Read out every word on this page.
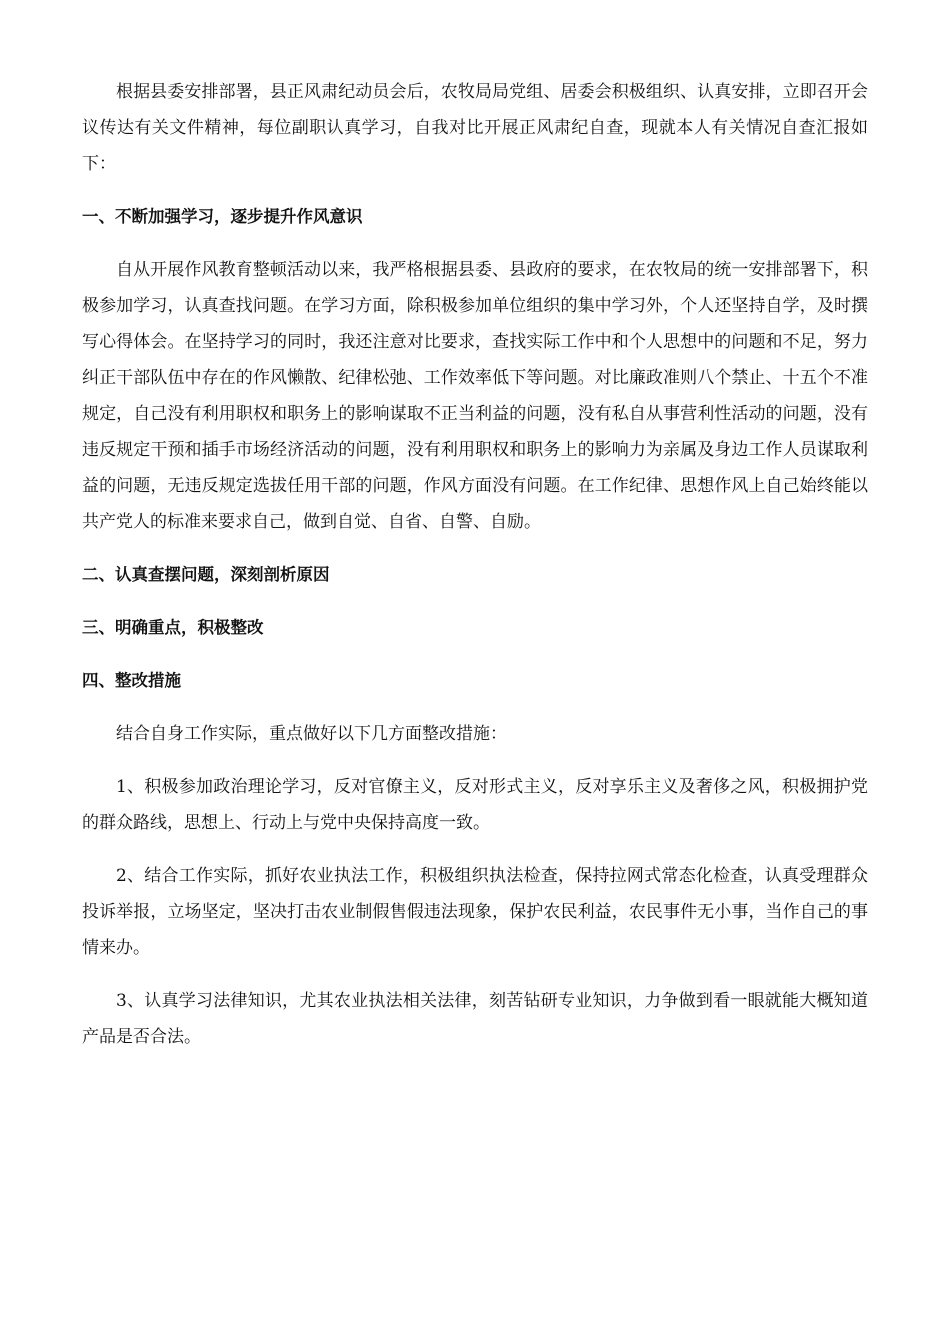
根据县委安排部署，县正风肃纪动员会后，农牧局局党组、居委会积极组织、认真安排，立即召开会议传达有关文件精神，每位副职认真学习，自我对比开展正风肃纪自查，现就本人有关情况自查汇报如下：

一、不断加强学习，逐步提升作风意识

自从开展作风教育整顿活动以来，我严格根据县委、县政府的要求，在农牧局的统一安排部署下，积极参加学习，认真查找问题。在学习方面，除积极参加单位组织的集中学习外，个人还坚持自学，及时撰写心得体会。在坚持学习的同时，我还注意对比要求，查找实际工作中和个人思想中的问题和不足，努力纠正干部队伍中存在的作风懒散、纪律松弛、工作效率低下等问题。对比廉政准则八个禁止、十五个不准规定，自己没有利用职权和职务上的影响谋取不正当利益的问题，没有私自从事营利性活动的问题，没有违反规定干预和插手市场经济活动的问题，没有利用职权和职务上的影响力为亲属及身边工作人员谋取利益的问题，无违反规定选拔任用干部的问题，作风方面没有问题。在工作纪律、思想作风上自己始终能以共产党人的标准来要求自己，做到自觉、自省、自警、自励。

二、认真查摆问题，深刻剖析原因

三、明确重点，积极整改

四、整改措施

结合自身工作实际，重点做好以下几方面整改措施：

1、积极参加政治理论学习，反对官僚主义，反对形式主义，反对享乐主义及奢侈之风，积极拥护党的群众路线，思想上、行动上与党中央保持高度一致。

2、结合工作实际，抓好农业执法工作，积极组织执法检查，保持拉网式常态化检查，认真受理群众投诉举报，立场坚定，坚决打击农业制假售假违法现象，保护农民利益，农民事件无小事，当作自己的事情来办。

3、认真学习法律知识，尤其农业执法相关法律，刻苦钻研专业知识，力争做到看一眼就能大概知道产品是否合法。
